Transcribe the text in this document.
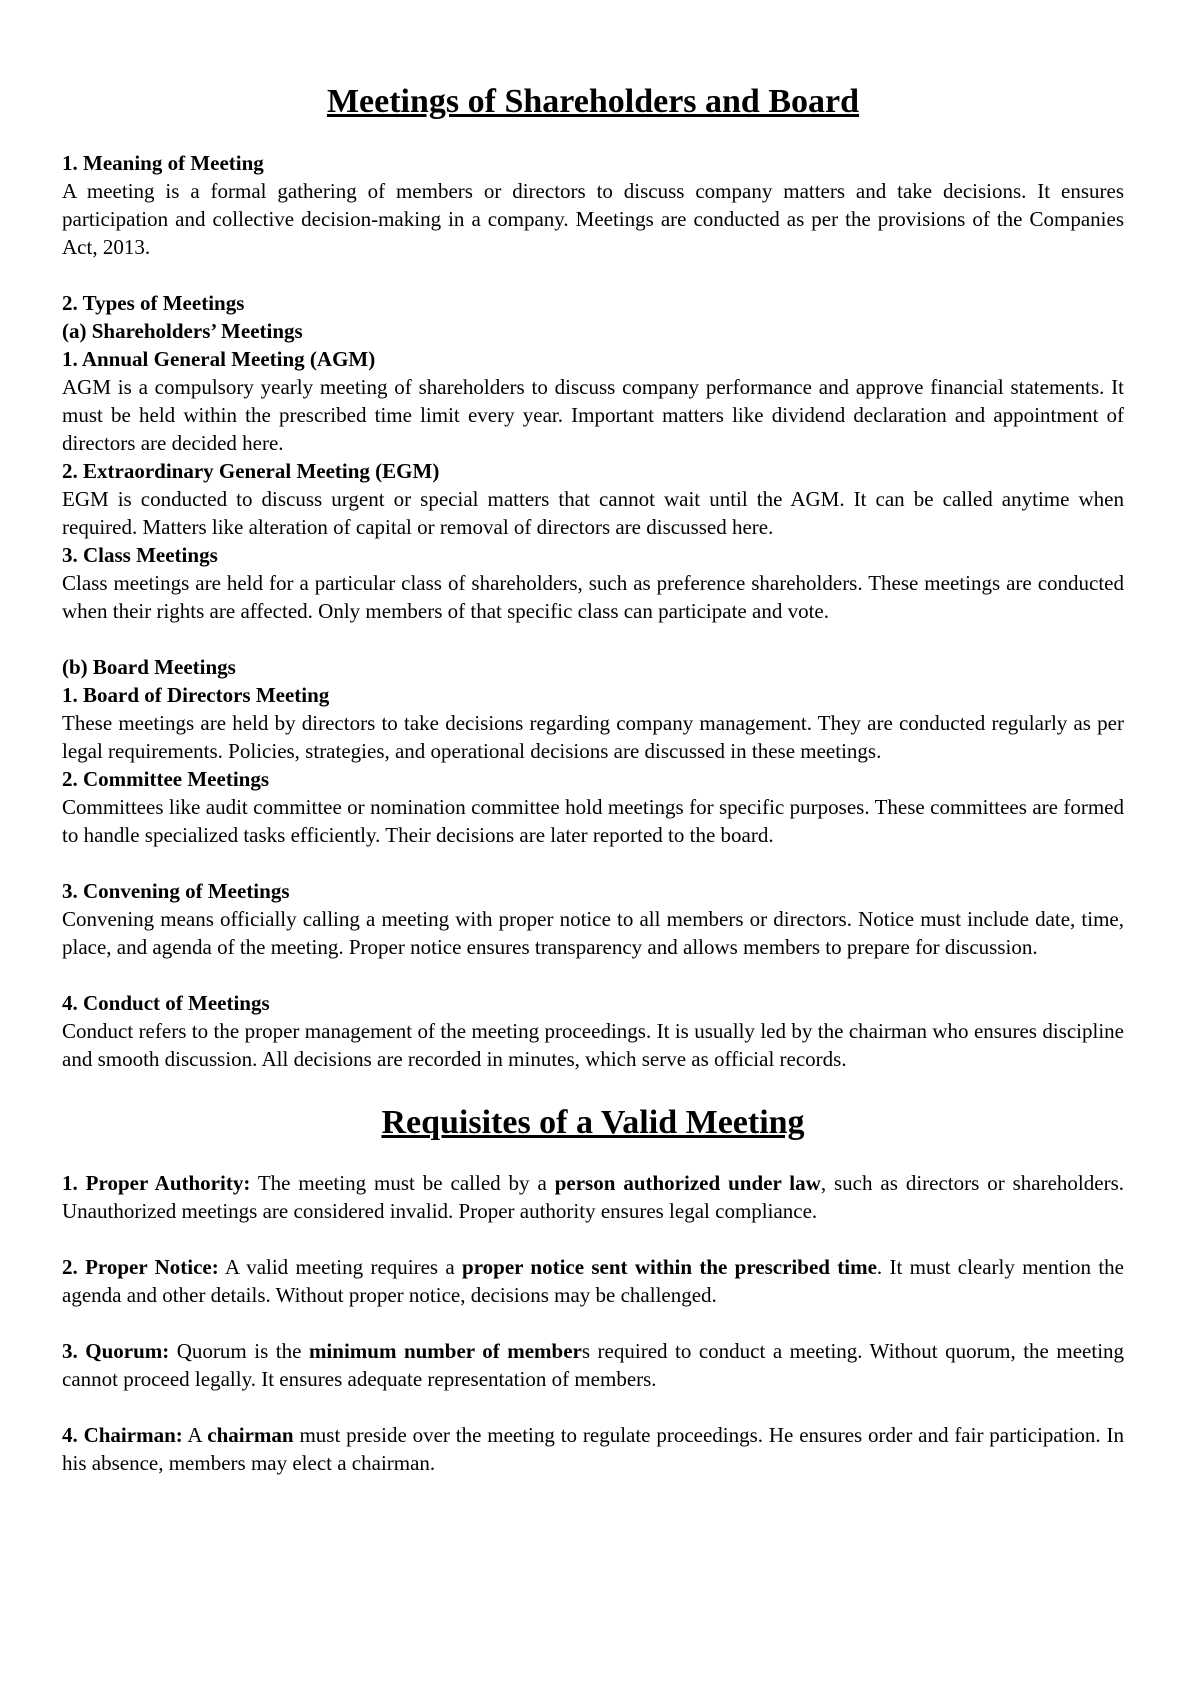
Meetings of Shareholders and Board
1. Meaning of Meeting
A meeting is a formal gathering of members or directors to discuss company matters and take decisions. It ensures participation and collective decision-making in a company. Meetings are conducted as per the provisions of the Companies Act, 2013.
2. Types of Meetings
(a) Shareholders’ Meetings
1. Annual General Meeting (AGM)
AGM is a compulsory yearly meeting of shareholders to discuss company performance and approve financial statements. It must be held within the prescribed time limit every year. Important matters like dividend declaration and appointment of directors are decided here.
2. Extraordinary General Meeting (EGM)
EGM is conducted to discuss urgent or special matters that cannot wait until the AGM. It can be called anytime when required. Matters like alteration of capital or removal of directors are discussed here.
3. Class Meetings
Class meetings are held for a particular class of shareholders, such as preference shareholders. These meetings are conducted when their rights are affected. Only members of that specific class can participate and vote.
(b) Board Meetings
1. Board of Directors Meeting
These meetings are held by directors to take decisions regarding company management. They are conducted regularly as per legal requirements. Policies, strategies, and operational decisions are discussed in these meetings.
2. Committee Meetings
Committees like audit committee or nomination committee hold meetings for specific purposes. These committees are formed to handle specialized tasks efficiently. Their decisions are later reported to the board.
3. Convening of Meetings
Convening means officially calling a meeting with proper notice to all members or directors. Notice must include date, time, place, and agenda of the meeting. Proper notice ensures transparency and allows members to prepare for discussion.
4. Conduct of Meetings
Conduct refers to the proper management of the meeting proceedings. It is usually led by the chairman who ensures discipline and smooth discussion. All decisions are recorded in minutes, which serve as official records.
Requisites of a Valid Meeting
1. Proper Authority: The meeting must be called by a person authorized under law, such as directors or shareholders. Unauthorized meetings are considered invalid. Proper authority ensures legal compliance.
2. Proper Notice: A valid meeting requires a proper notice sent within the prescribed time. It must clearly mention the agenda and other details. Without proper notice, decisions may be challenged.
3. Quorum: Quorum is the minimum number of members required to conduct a meeting. Without quorum, the meeting cannot proceed legally. It ensures adequate representation of members.
4. Chairman: A chairman must preside over the meeting to regulate proceedings. He ensures order and fair participation. In his absence, members may elect a chairman.
